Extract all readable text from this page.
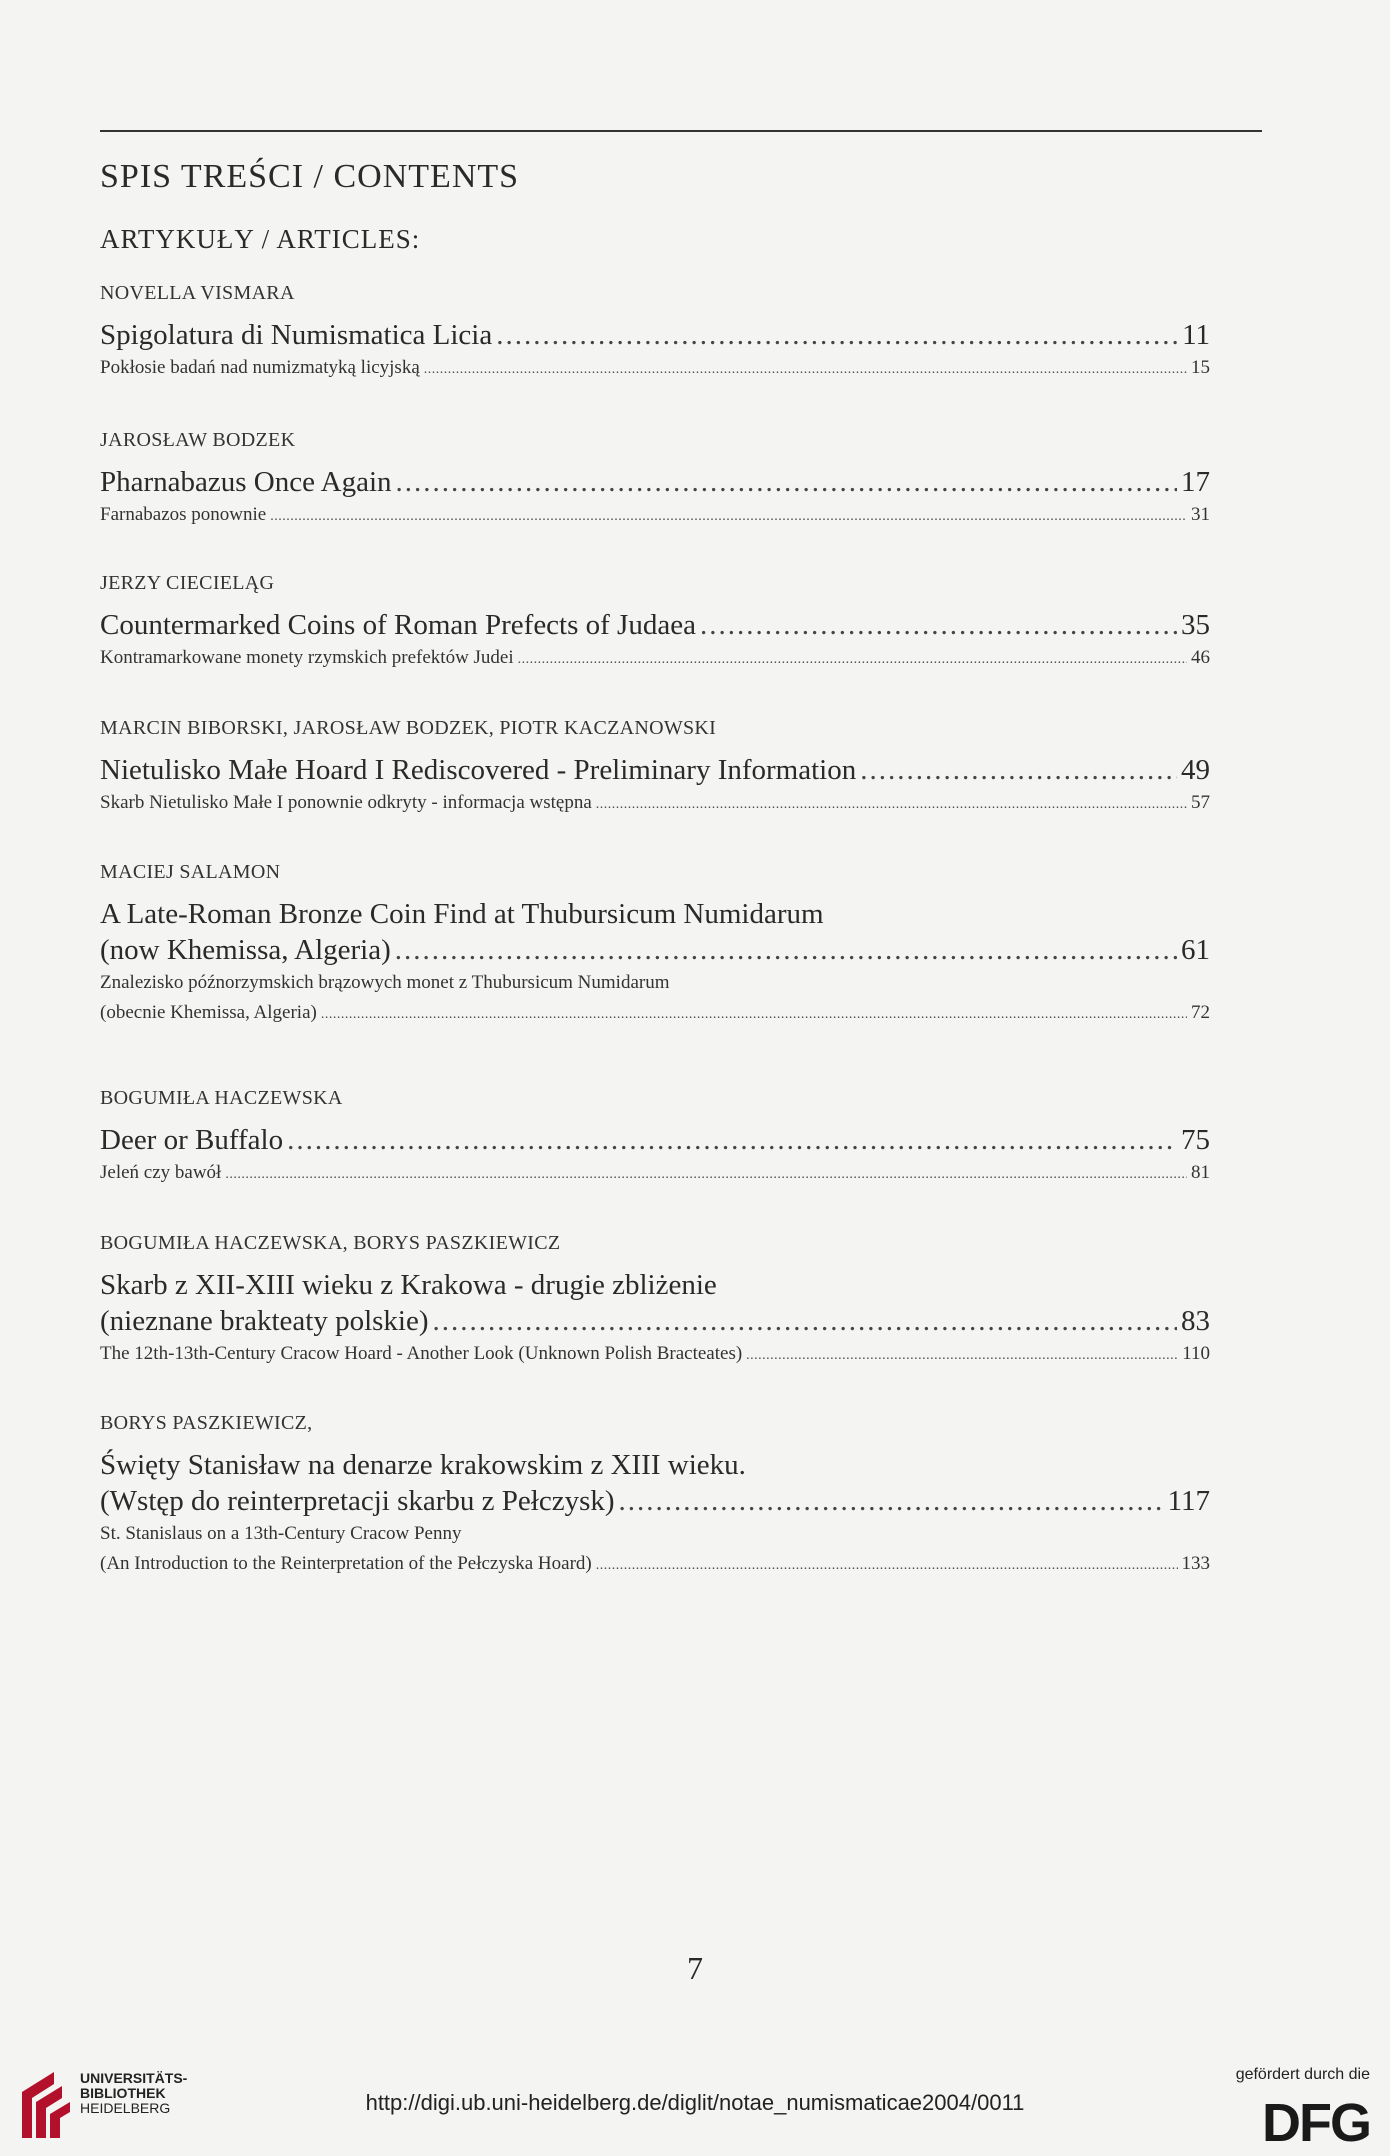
SPIS TREŚCI / CONTENTS
ARTYKUŁY / ARTICLES:
NOVELLA VISMARA
Spigolatura di Numismatica Licia .....	11
Pokłosie badań nad numizmatyką licyjską .....	15
JAROSŁAW BODZEK
Pharnabazus Once Again .....	17
Farnabazos ponownie .....	31
JERZY CIECIELĄG
Countermarked Coins of Roman Prefects of Judaea .....	35
Kontramarkowane monety rzymskich prefektów Judei .....	46
MARCIN BIBORSKI, JAROSŁAW BODZEK, PIOTR KACZANOWSKI
Nietulisko Małe Hoard I Rediscovered - Preliminary Information .....	49
Skarb Nietulisko Małe I ponownie odkryty - informacja wstępna .....	57
MACIEJ SALAMON
A Late-Roman Bronze Coin Find at Thubursicum Numidarum
(now Khemissa, Algeria) .....	61
Znalezisko późnorzymskich brązowych monet z Thubursicum Numidarum
(obecnie Khemissa, Algeria) .....	72
BOGUMIŁA HACZEWSKA
Deer or Buffalo .....	75
Jeleń czy bawół .....	81
BOGUMIŁA HACZEWSKA, BORYS PASZKIEWICZ
Skarb z XII-XIII wieku z Krakowa - drugie zbliżenie
(nieznane brakteaty polskie) .....	83
The 12th-13th-Century Cracow Hoard - Another Look (Unknown Polish Bracteates) .....	110
BORYS PASZKIEWICZ,
Święty Stanisław na denarze krakowskim z XIII wieku.
(Wstęp do reinterpretacji skarbu z Pełczysk) .....	117
St. Stanislaus on a 13th-Century Cracow Penny
(An Introduction to the Reinterpretation of the Pełczyska Hoard) .....	133
7
UNIVERSITÄTS-
BIBLIOTHEK
HEIDELBERG	http://digi.ub.uni-heidelberg.de/diglit/notae_numismaticae2004/0011
gefördert durch die
DFG
